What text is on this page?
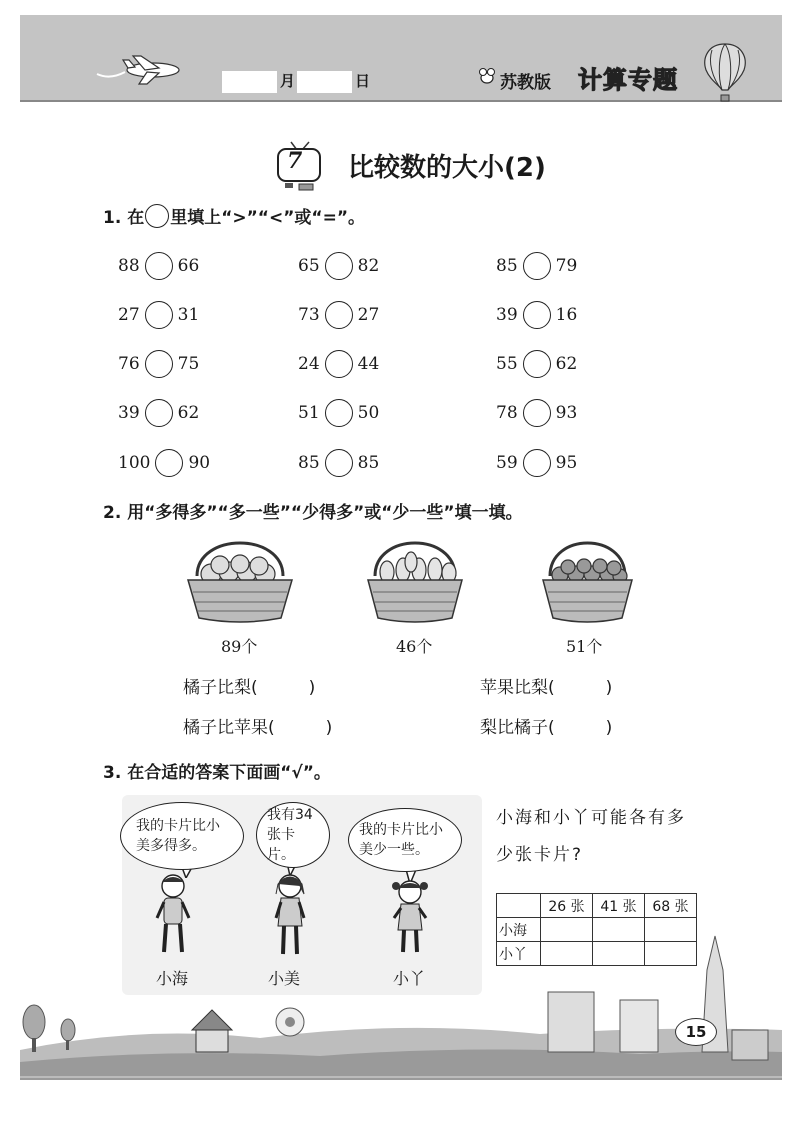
月	日	苏教版 计算专题
7 比较数的大小(2)
1. 在 里填上“>”“<”或“=”。
88 66	65 82	85 79
27 31	73 27	39 16
76 75	24 44	55 62
39 62	51 50	78 93
100 90	85 85	59 95
2. 用“多得多”“多一些”“少得多”或“少一些”填一填。
89个	46个	51个
橘子比梨(　　　)	苹果比梨(　　　)
橘子比苹果(　　　)	梨比橘子(　　　)
3. 在合适的答案下面画“√”。
我的卡片比小美多得多。
我有34张卡片。
我的卡片比小美少一些。
小海	小美	小丫
小海和小丫可能各有多
少张卡片?
	26 张	41 张	68 张
小海			
小丫			
15
